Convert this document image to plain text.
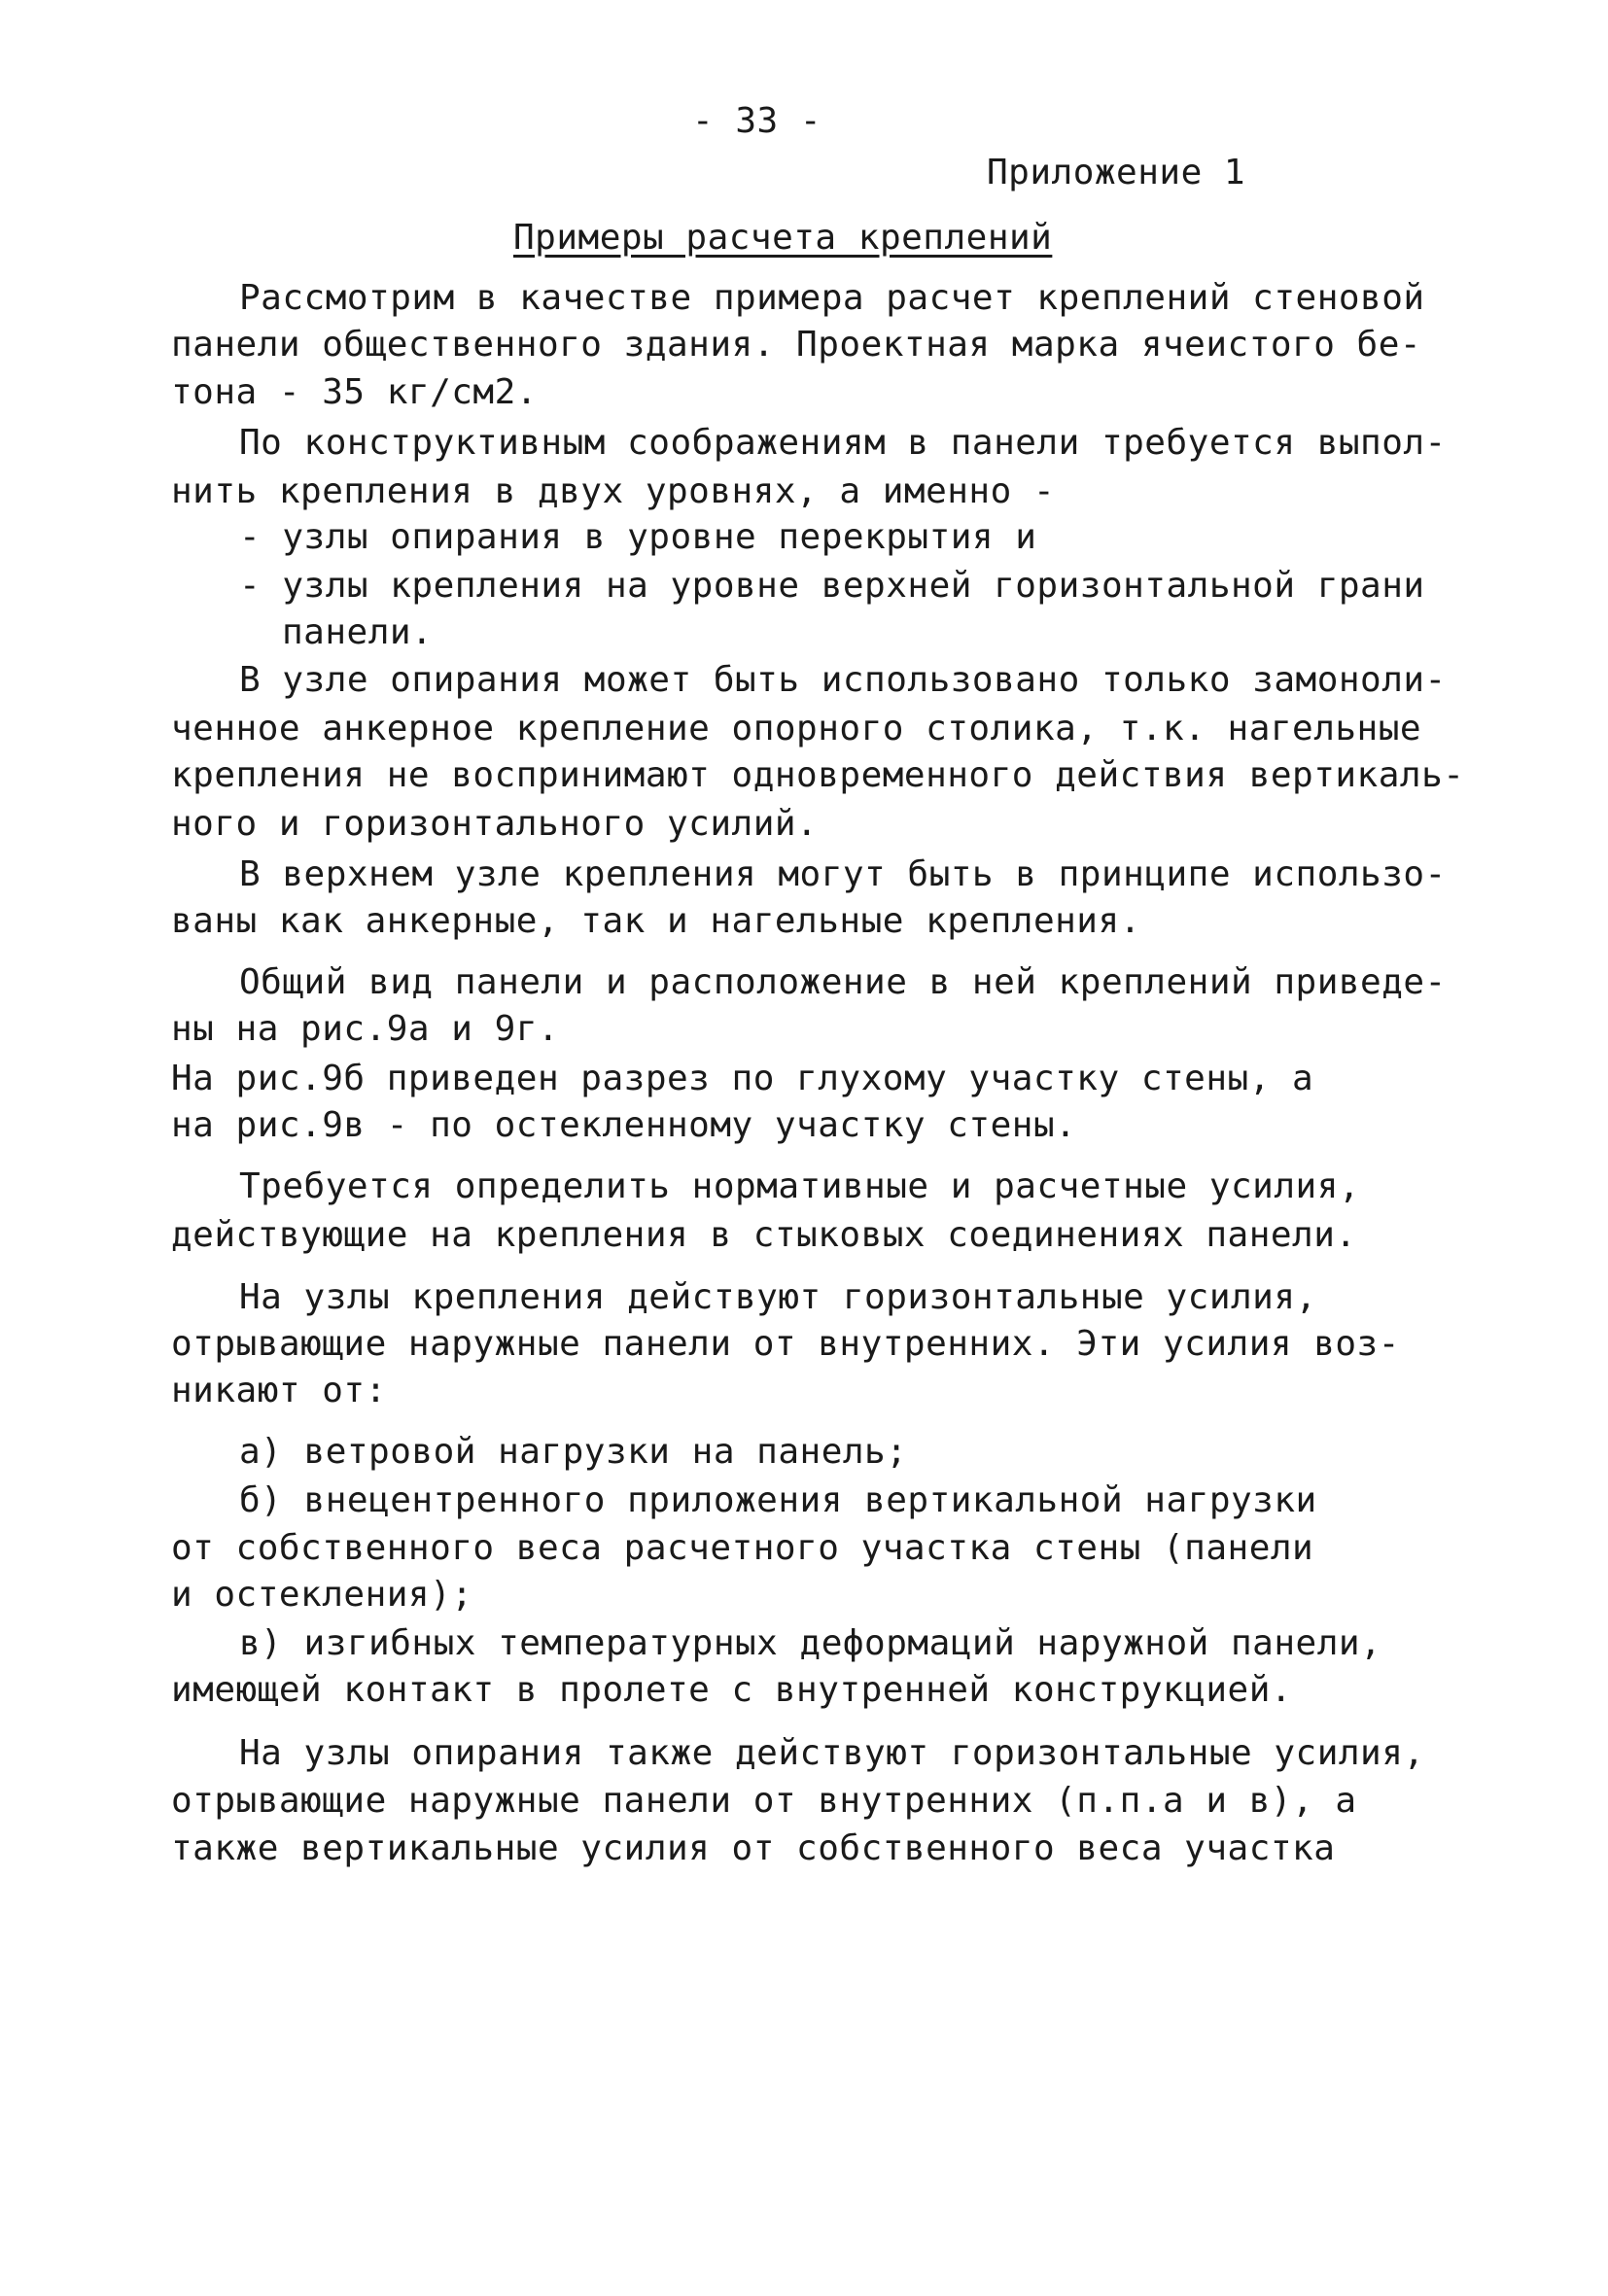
- 33 -
Приложение 1
Примеры расчета креплений
Рассмотрим в качестве примера расчет креплений стеновой
панели общественного здания. Проектная марка ячеистого бе-
тона - 35 кг/см2.
По конструктивным соображениям в панели требуется выпол-
нить крепления в двух уровнях, а именно -
- узлы опирания в уровне перекрытия и
- узлы крепления на уровне верхней горизонтальной грани
панели.
В узле опирания может быть использовано только замоноли-
ченное анкерное крепление опорного столика, т.к. нагельные
крепления не воспринимают одновременного действия вертикаль-
ного и горизонтального усилий.
В верхнем узле крепления могут быть в принципе использо-
ваны как анкерные, так и нагельные крепления.
Общий вид панели и расположение в ней креплений приведе-
ны на рис.9а и 9г.
На рис.9б приведен разрез по глухому участку стены, а
на рис.9в - по остекленному участку стены.
Требуется определить нормативные и расчетные усилия,
действующие на крепления в стыковых соединениях панели.
На узлы крепления действуют горизонтальные усилия,
отрывающие наружные панели от внутренних. Эти усилия воз-
никают от:
а) ветровой нагрузки на панель;
б) внецентренного приложения вертикальной нагрузки
от собственного веса расчетного участка стены (панели
и остекления);
в) изгибных температурных деформаций наружной панели,
имеющей контакт в пролете с внутренней конструкцией.
На узлы опирания также действуют горизонтальные усилия,
отрывающие наружные панели от внутренних (п.п.а и в), а
также вертикальные усилия от собственного веса участка
